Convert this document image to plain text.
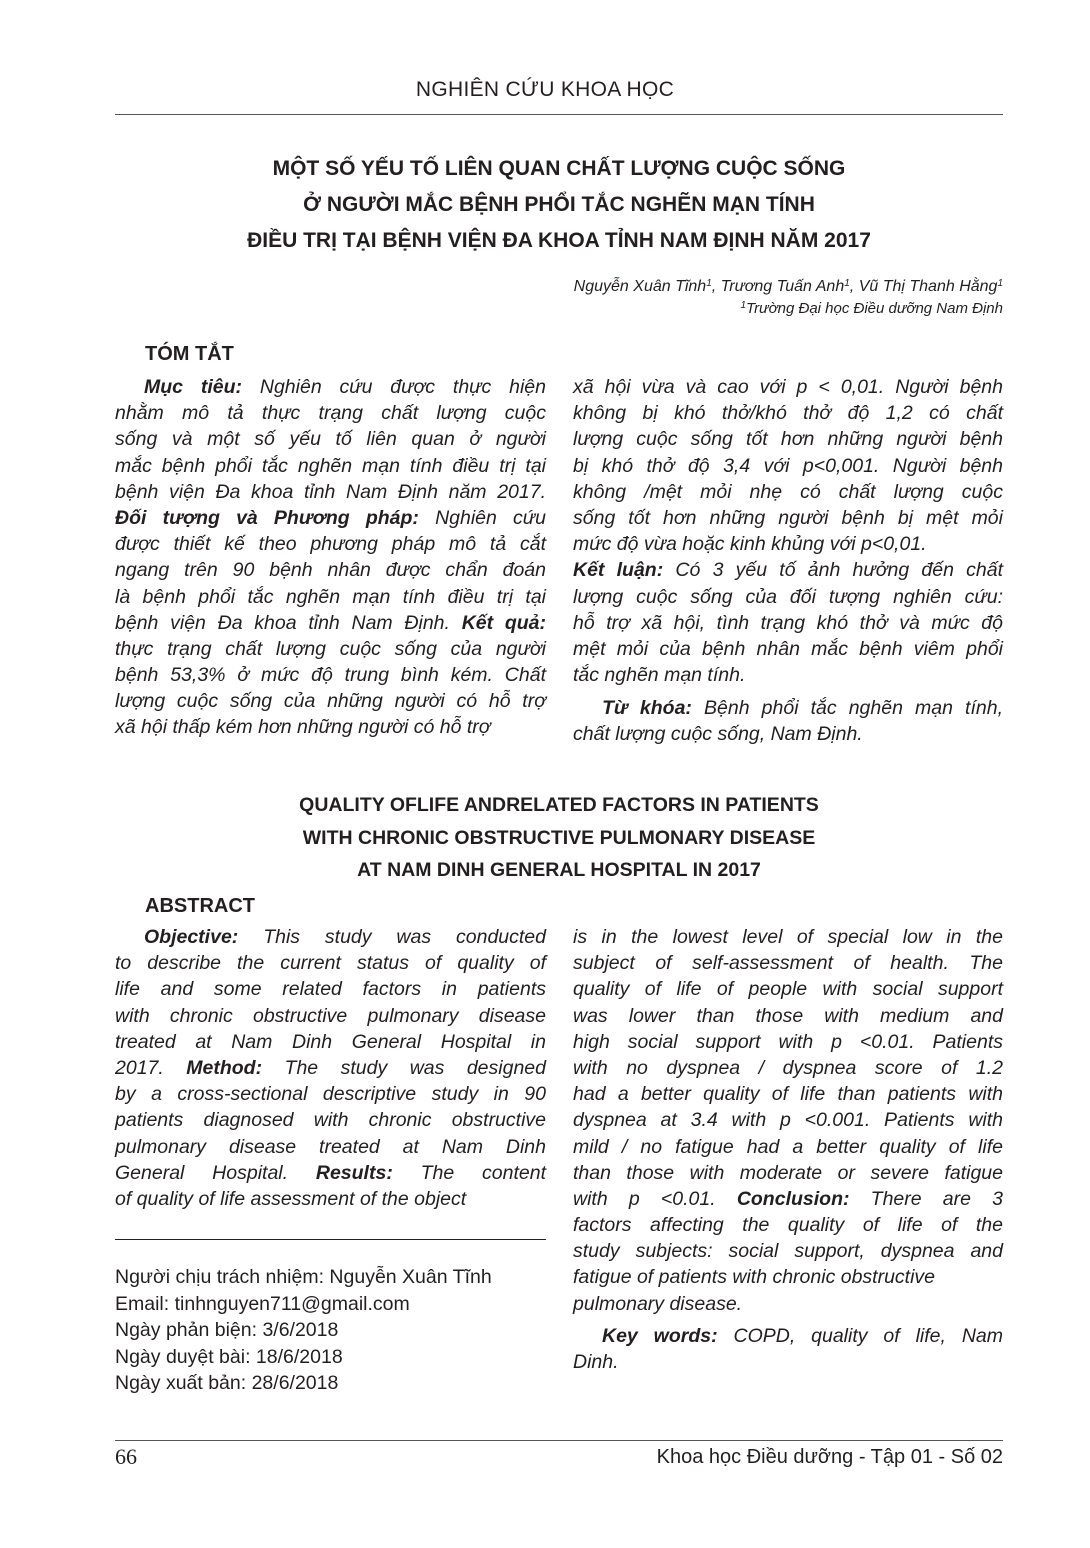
NGHIÊN CỨU KHOA HỌC
MỘT SỐ YẾU TỐ LIÊN QUAN CHẤT LƯỢNG CUỘC SỐNG
Ở NGƯỜI MẮC BỆNH PHỔI TẮC NGHẼN MẠN TÍNH
ĐIỀU TRỊ TẠI BỆNH VIỆN ĐA KHOA TỈNH NAM ĐỊNH NĂM 2017
Nguyễn Xuân Tĩnh$^1$, Trương Tuấn Anh$^1$, Vũ Thị Thanh Hằng$^1$
$^1$Trường Đại học Điều dưỡng Nam Định
TÓM TẮT
Mục tiêu: Nghiên cứu được thực hiện
nhằm mô tả thực trạng chất lượng cuộc
sống và một số yếu tố liên quan ở người
mắc bệnh phổi tắc nghẽn mạn tính điều trị tại
bệnh viện Đa khoa tỉnh Nam Định năm 2017.
Đối tượng và Phương pháp: Nghiên cứu
được thiết kế theo phương pháp mô tả cắt
ngang trên 90 bệnh nhân được chẩn đoán
là bệnh phổi tắc nghẽn mạn tính điều trị tại
bệnh viện Đa khoa tỉnh Nam Định. Kết quả:
thực trạng chất lượng cuộc sống của người
bệnh 53,3% ở mức độ trung bình kém. Chất
lượng cuộc sống của những người có hỗ trợ
xã hội thấp kém hơn những người có hỗ trợ
xã hội vừa và cao với p < 0,01. Người bệnh
không bị khó thở/khó thở độ 1,2 có chất
lượng cuộc sống tốt hơn những người bệnh
bị khó thở độ 3,4 với p<0,001. Người bệnh
không /mệt mỏi nhẹ có chất lượng cuộc
sống tốt hơn những người bệnh bị mệt mỏi
mức độ vừa hoặc kinh khủng với p<0,01.
Kết luận: Có 3 yếu tố ảnh hưởng đến chất
lượng cuộc sống của đối tượng nghiên cứu:
hỗ trợ xã hội, tình trạng khó thở và mức độ
mệt mỏi của bệnh nhân mắc bệnh viêm phổi
tắc nghẽn mạn tính.
Từ khóa: Bệnh phổi tắc nghẽn mạn tính,
chất lượng cuộc sống, Nam Định.
QUALITY OFLIFE ANDRELATED FACTORS IN PATIENTS
WITH CHRONIC OBSTRUCTIVE PULMONARY DISEASE
AT NAM DINH GENERAL HOSPITAL IN 2017
ABSTRACT
Objective: This study was conducted
to describe the current status of quality of
life and some related factors in patients
with chronic obstructive pulmonary disease
treated at Nam Dinh General Hospital in
2017. Method: The study was designed
by a cross-sectional descriptive study in 90
patients diagnosed with chronic obstructive
pulmonary disease treated at Nam Dinh
General Hospital. Results: The content
of quality of life assessment of the object
is in the lowest level of special low in the
subject of self-assessment of health. The
quality of life of people with social support
was lower than those with medium and
high social support with p <0.01. Patients
with no dyspnea / dyspnea score of 1.2
had a better quality of life than patients with
dyspnea at 3.4 with p <0.001. Patients with
mild / no fatigue had a better quality of life
than those with moderate or severe fatigue
with p <0.01. Conclusion: There are 3
factors affecting the quality of life of the
study subjects: social support, dyspnea and
fatigue of patients with chronic obstructive
pulmonary disease.
Key words: COPD, quality of life, Nam
Dinh.
Người chịu trách nhiệm: Nguyễn Xuân Tĩnh
Email: tinhnguyen711@gmail.com
Ngày phản biện: 3/6/2018
Ngày duyệt bài: 18/6/2018
Ngày xuất bản: 28/6/2018
66	Khoa học Điều dưỡng - Tập 01 - Số 02
